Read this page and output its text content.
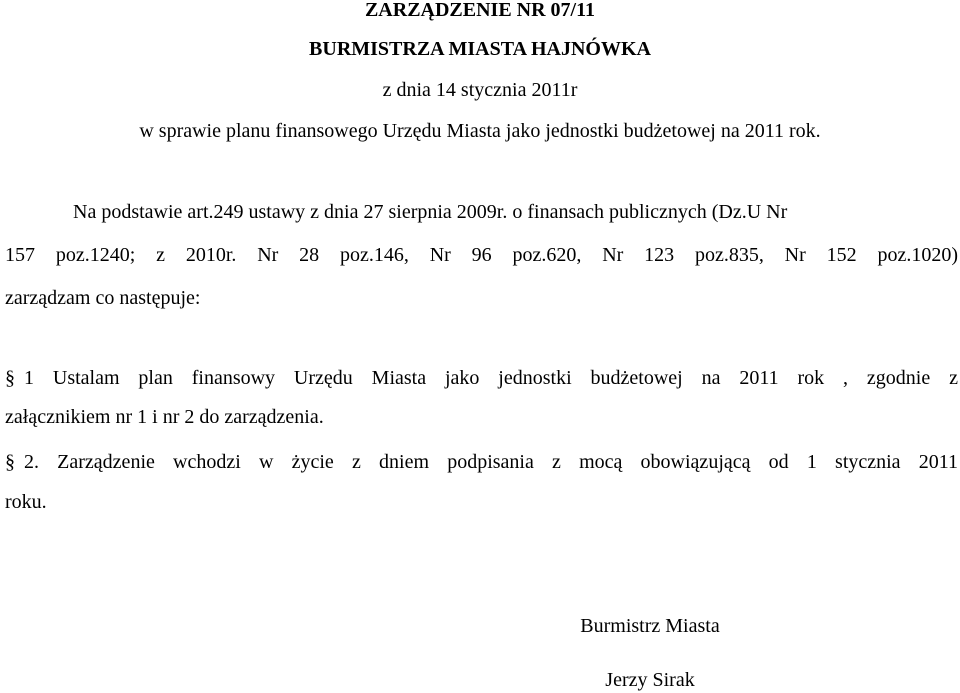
ZARZĄDZENIE NR 07/11
BURMISTRZA MIASTA HAJNÓWKA
z dnia 14 stycznia 2011r
w sprawie planu finansowego Urzędu Miasta jako jednostki budżetowej na 2011 rok.
Na podstawie art.249 ustawy z dnia 27 sierpnia 2009r. o finansach publicznych (Dz.U Nr
157 poz.1240; z 2010r. Nr 28 poz.146, Nr 96 poz.620, Nr 123 poz.835, Nr 152 poz.1020)
zarządzam co następuje:
§ 1 Ustalam plan finansowy Urzędu Miasta jako jednostki budżetowej na 2011 rok , zgodnie z
załącznikiem nr 1 i nr 2 do zarządzenia.
§ 2. Zarządzenie wchodzi w życie z dniem podpisania z mocą obowiązującą od 1 stycznia 2011
roku.
Burmistrz Miasta
Jerzy Sirak
